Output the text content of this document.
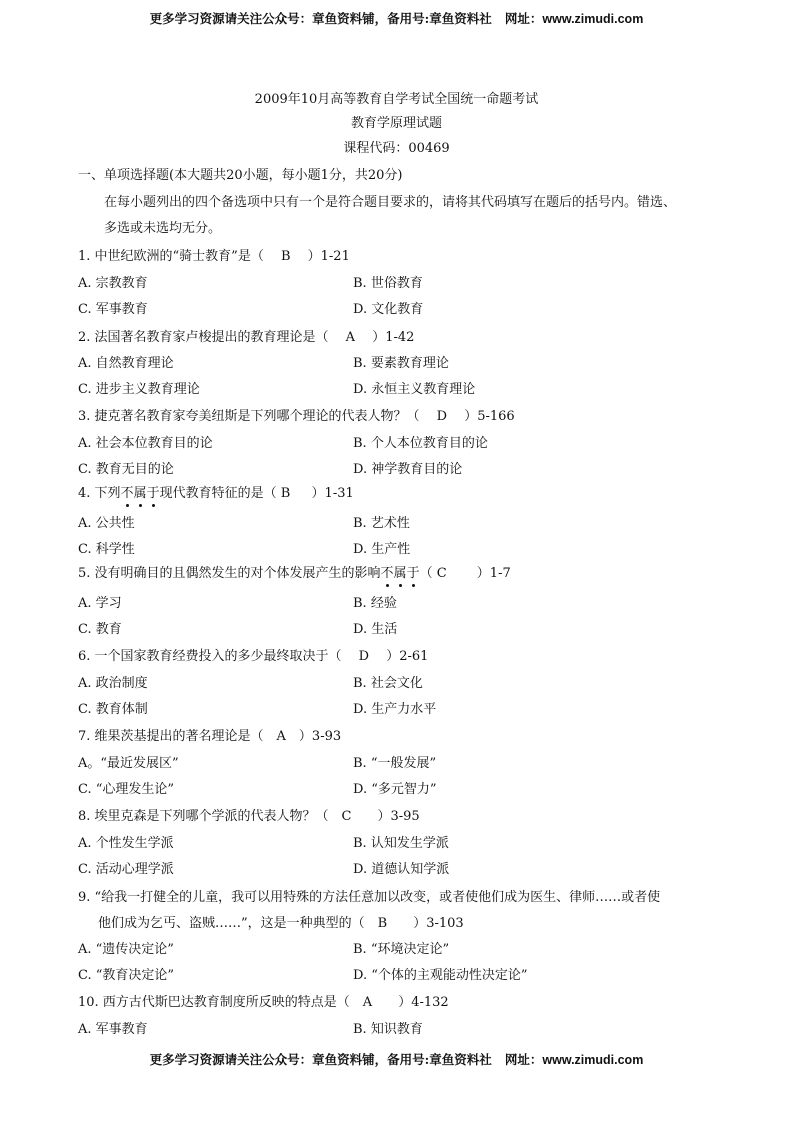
更多学习资源请关注公众号：章鱼资料铺，备用号:章鱼资料社 网址：www.zimudi.com
2009年10月高等教育自学考试全国统一命题考试
教育学原理试题
课程代码：00469
一、单项选择题(本大题共20小题，每小题1分，共20分)
在每小题列出的四个备选项中只有一个是符合题目要求的，请将其代码填写在题后的括号内。错选、
多选或未选均无分。
1. 中世纪欧洲的“骑士教育”是（　 B 　）1-21
A. 宗教教育	B. 世俗教育
C. 军事教育	D. 文化教育
2. 法国著名教育家卢梭提出的教育理论是（　 A 　）1-42
A. 自然教育理论	B. 要素教育理论
C. 进步主义教育理论	D. 永恒主义教育理论
3. 捷克著名教育家夸美纽斯是下列哪个理论的代表人物？（　 D 　）5-166
A. 社会本位教育目的论	B. 个人本位教育目的论
C. 教育无目的论	D. 神学教育目的论
4. 下列不属于现代教育特征的是（ B 　 ）1-31
A. 公共性	B. 艺术性
C. 科学性	D. 生产性
5. 没有明确目的且偶然发生的对个体发展产生的影响不属于（ C 　　）1-7
A. 学习	B. 经验
C. 教育	D. 生活
6. 一个国家教育经费投入的多少最终取决于（　 D 　）2-61
A. 政治制度	B. 社会文化
C. 教育体制	D. 生产力水平
7. 维果茨基提出的著名理论是（　A　）3-93
A。“最近发展区”	B. “一般发展”
C. “心理发生论”	D. “多元智力”
8. 埃里克森是下列哪个学派的代表人物？（　C　　）3-95
A. 个性发生学派	B. 认知发生学派
C. 活动心理学派	D. 道德认知学派
9. “给我一打健全的儿童，我可以用特殊的方法任意加以改变，或者使他们成为医生、律师……或者使
他们成为乞丐、盗贼……”，这是一种典型的（　B　　）3-103
A. “遗传决定论”	B. “环境决定论”
C. “教育决定论”	D. “个体的主观能动性决定论”
10. 西方古代斯巴达教育制度所反映的特点是（　A　　）4-132
A. 军事教育	B. 知识教育
更多学习资源请关注公众号：章鱼资料铺，备用号:章鱼资料社 网址：www.zimudi.com
